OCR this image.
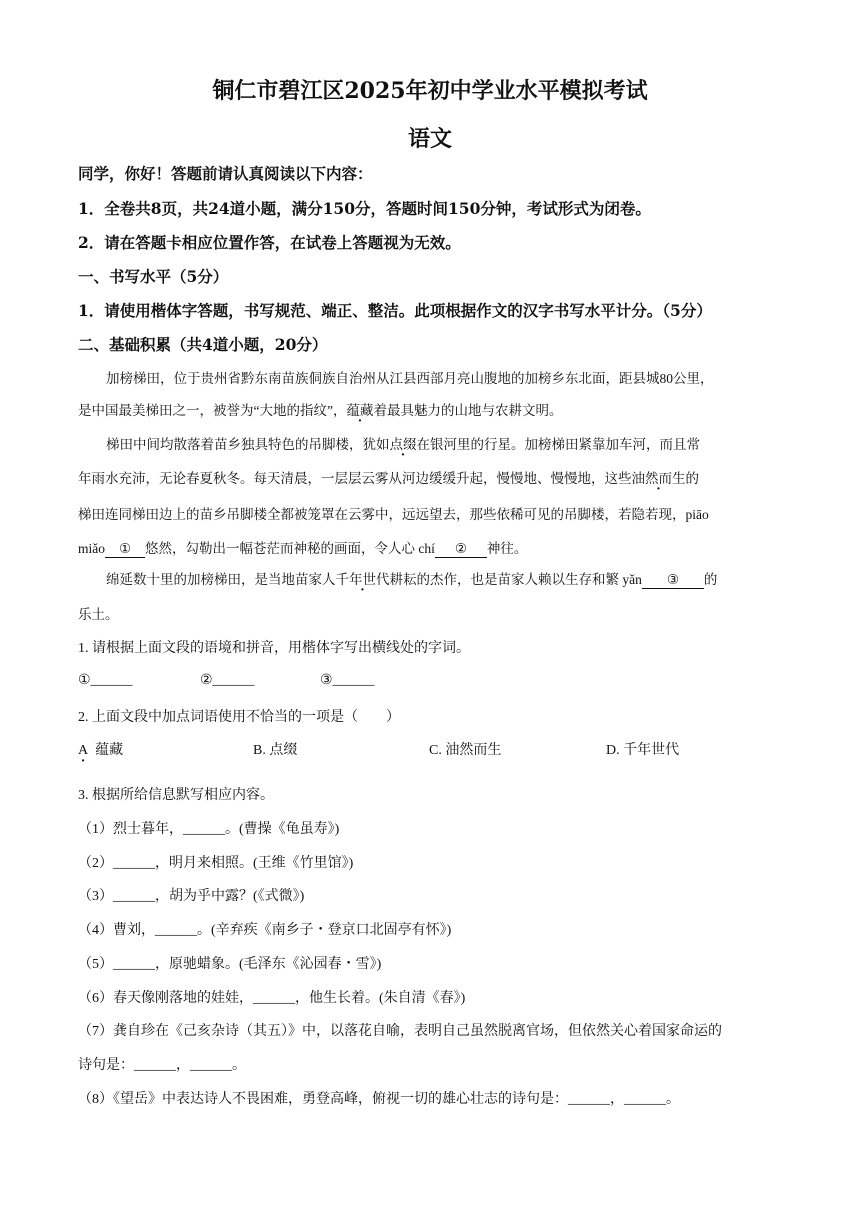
铜仁市碧江区2025年初中学业水平模拟考试
语文
同学，你好！答题前请认真阅读以下内容：
1．全卷共8页，共24道小题，满分150分，答题时间150分钟，考试形式为闭卷。
2．请在答题卡相应位置作答，在试卷上答题视为无效。
一、书写水平（5分）
1．请使用楷体字答题，书写规范、端正、整洁。此项根据作文的汉字书写水平计分。（5分）
二、基础积累（共4道小题，20分）
加榜梯田，位于贵州省黔东南苗族侗族自治州从江县西部月亮山腹地的加榜乡东北面，距县城80公里，
是中国最美梯田之一，被誉为“大地的指纹”，蕴藏着最具魅力的山地与农耕文明。
梯田中间均散落着苗乡独具特色的吊脚楼，犹如点缀在银河里的行星。加榜梯田紧靠加车河，而且常
年雨水充沛，无论春夏秋冬。每天清晨，一层层云雾从河边缓缓升起，慢慢地、慢慢地，这些油然而生的
梯田连同梯田边上的苗乡吊脚楼全都被笼罩在云雾中，远远望去，那些依稀可见的吊脚楼，若隐若现，piāo
miǎo ① 悠然，勾勒出一幅苍茫而神秘的画面，令人心 chí ② 神往。
绵延数十里的加榜梯田，是当地苗家人千年世代耕耘的杰作，也是苗家人赖以生存和繁 yǎn ③ 的
乐土。
1. 请根据上面文段的语境和拼音，用楷体字写出横线处的字词。
①______	②______	③______
2. 上面文段中加点词语使用不恰当的一项是（　　）
A · 蕴藏	B. 点缀	C. 油然而生	D. 千年世代
3. 根据所给信息默写相应内容。
（1）烈士暮年，______。(曹操《龟虽寿》)
（2）______，明月来相照。(王维《竹里馆》)
（3）______，胡为乎中露？(《式微》)
（4）曹刘，______。(辛弃疾《南乡子・登京口北固亭有怀》)
（5）______，原驰蜡象。(毛泽东《沁园春・雪》)
（6）春天像刚落地的娃娃，______，他生长着。(朱自清《春》)
（7）龚自珍在《己亥杂诗（其五）》中，以落花自喻，表明自己虽然脱离官场，但依然关心着国家命运的
诗句是：______，______。
（8）《望岳》中表达诗人不畏困难，勇登高峰，俯视一切的雄心壮志的诗句是：______，______。
